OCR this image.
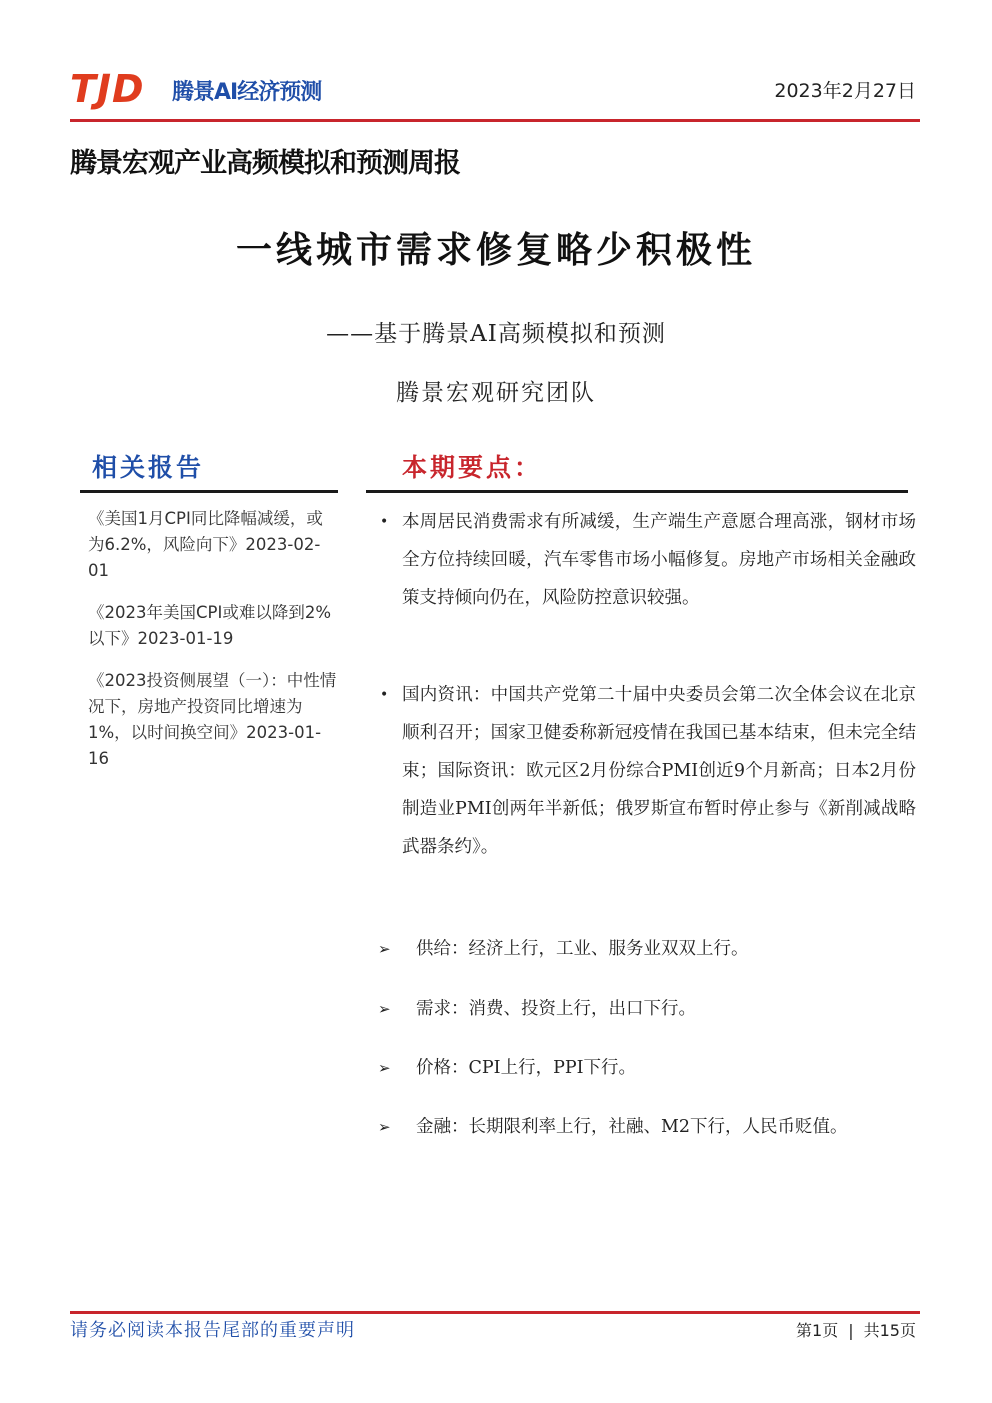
TJD 腾景AI经济预测	2023年2月27日
腾景宏观产业高频模拟和预测周报
一线城市需求修复略少积极性
——基于腾景AI高频模拟和预测
腾景宏观研究团队
相关报告
《美国1月CPI同比降幅减缓，或为6.2%，风险向下》2023-02-01
《2023年美国CPI或难以降到2%以下》2023-01-19
《2023投资侧展望（一）：中性情况下，房地产投资同比增速为1%，以时间换空间》2023-01-16
本期要点：
• 本周居民消费需求有所减缓，生产端生产意愿合理高涨，钢材市场全方位持续回暖，汽车零售市场小幅修复。房地产市场相关金融政策支持倾向仍在，风险防控意识较强。
• 国内资讯：中国共产党第二十届中央委员会第二次全体会议在北京顺利召开；国家卫健委称新冠疫情在我国已基本结束，但未完全结束；国际资讯：欧元区2月份综合PMI创近9个月新高；日本2月份制造业PMI创两年半新低；俄罗斯宣布暂时停止参与《新削减战略武器条约》。
➢ 供给：经济上行，工业、服务业双双上行。
➢ 需求：消费、投资上行，出口下行。
➢ 价格：CPI上行，PPI下行。
➢ 金融：长期限利率上行，社融、M2下行，人民币贬值。
请务必阅读本报告尾部的重要声明	第1页 | 共15页
